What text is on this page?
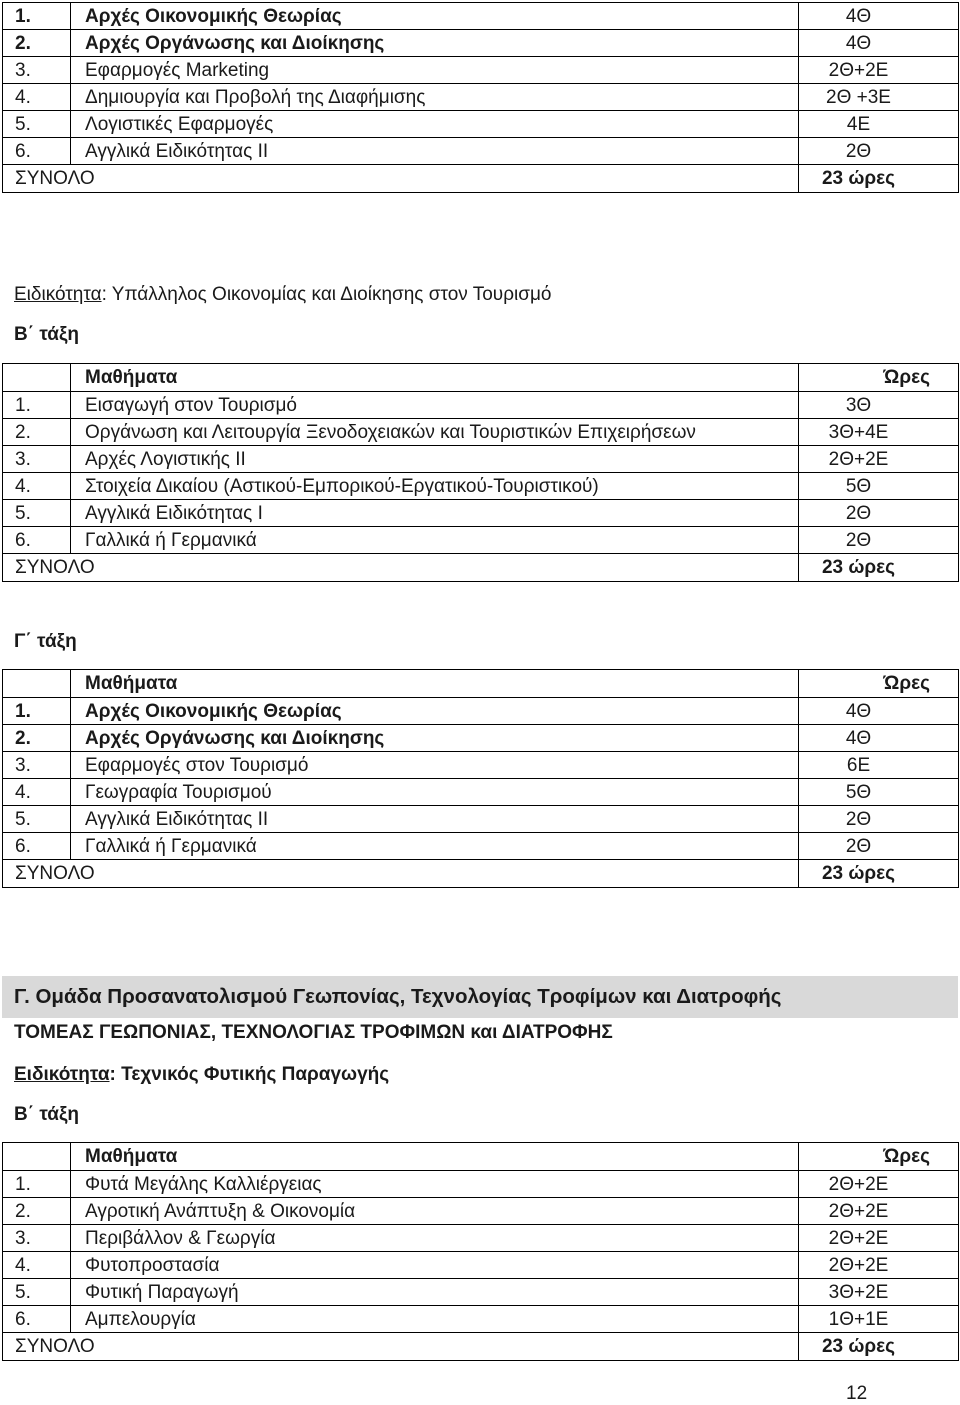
1.	Αρχές Οικονομικής Θεωρίας	4Θ
2.	Αρχές Οργάνωσης και Διοίκησης	4Θ
3.	Εφαρμογές Marketing	2Θ+2Ε
4.	Δημιουργία και Προβολή της Διαφήμισης	2Θ +3Ε
5.	Λογιστικές Εφαρμογές	4Ε
6.	Αγγλικά Ειδικότητας ΙΙ	2Θ
ΣΥΝΟΛΟ		23 ώρες
Ειδικότητα: Υπάλληλος Οικονομίας και Διοίκησης στον Τουρισμό
Β΄ τάξη
	Μαθήματα	Ώρες
1.	Εισαγωγή στον Τουρισμό	3Θ
2.	Οργάνωση και Λειτουργία Ξενοδοχειακών και Τουριστικών Επιχειρήσεων	3Θ+4Ε
3.	Αρχές Λογιστικής ΙΙ	2Θ+2Ε
4.	Στοιχεία Δικαίου (Αστικού-Εμπορικού-Εργατικού-Τουριστικού)	5Θ
5.	Αγγλικά Ειδικότητας Ι	2Θ
6.	Γαλλικά ή Γερμανικά	2Θ
ΣΥΝΟΛΟ		23 ώρες
Γ΄ τάξη
	Μαθήματα	Ώρες
1.	Αρχές Οικονομικής Θεωρίας	4Θ
2.	Αρχές Οργάνωσης και Διοίκησης	4Θ
3.	Εφαρμογές στον Τουρισμό	6Ε
4.	Γεωγραφία Τουρισμού	5Θ
5.	Αγγλικά Ειδικότητας ΙΙ	2Θ
6.	Γαλλικά ή Γερμανικά	2Θ
ΣΥΝΟΛΟ		23 ώρες
Γ. Ομάδα Προσανατολισμού Γεωπονίας, Τεχνολογίας Τροφίμων και Διατροφής
ΤΟΜΕΑΣ ΓΕΩΠΟΝΙΑΣ, ΤΕΧΝΟΛΟΓΙΑΣ ΤΡΟΦΙΜΩΝ και ΔΙΑΤΡΟΦΗΣ
Ειδικότητα: Τεχνικός Φυτικής Παραγωγής
Β΄ τάξη
	Μαθήματα	Ώρες
1.	Φυτά Μεγάλης Καλλιέργειας	2Θ+2Ε
2.	Αγροτική Ανάπτυξη & Οικονομία	2Θ+2Ε
3.	Περιβάλλον & Γεωργία	2Θ+2Ε
4.	Φυτοπροστασία	2Θ+2Ε
5.	Φυτική Παραγωγή	3Θ+2Ε
6.	Αμπελουργία	1Θ+1Ε
ΣΥΝΟΛΟ		23 ώρες
12
